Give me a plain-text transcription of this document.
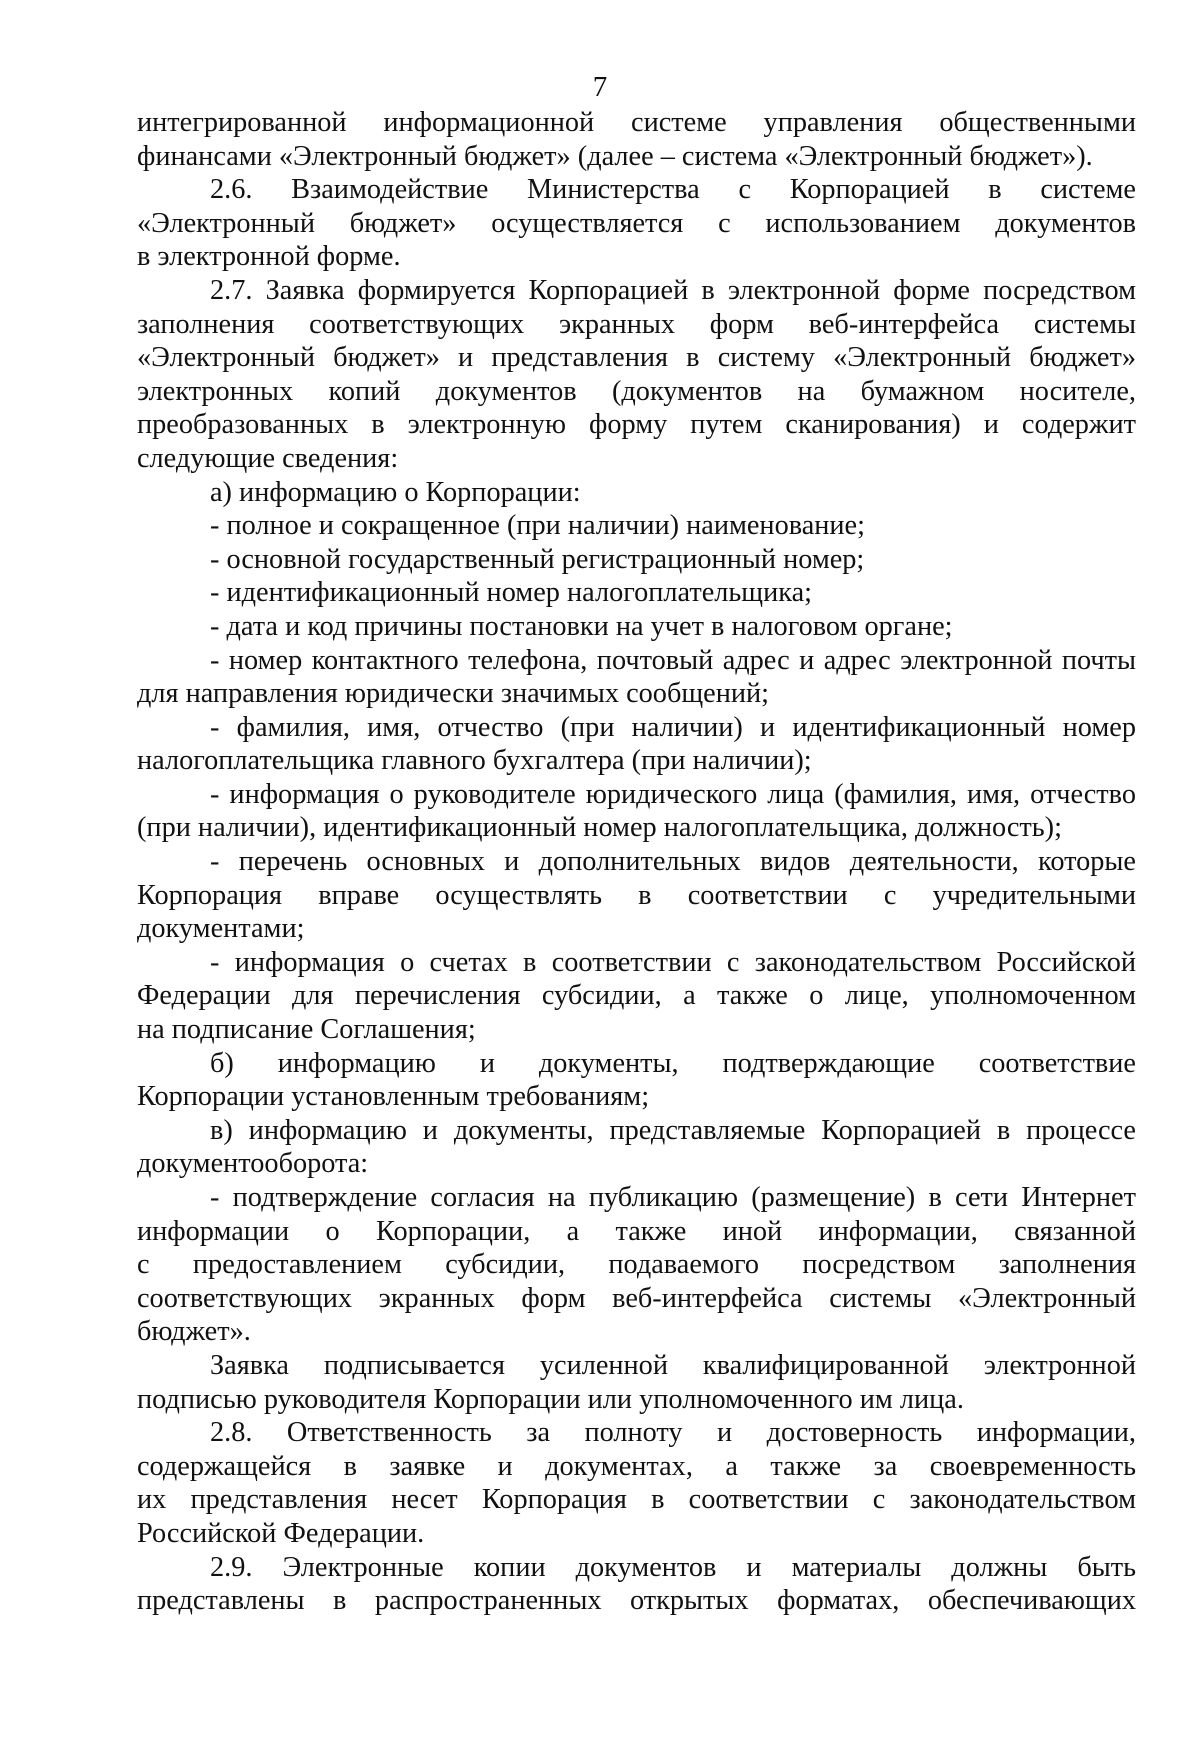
7

интегрированной информационной системе управления общественными

финансами «Электронный бюджет» (далее – система «Электронный бюджет»).

2.6. Взаимодействие Министерства с Корпорацией в системе

«Электронный бюджет» осуществляется с использованием документов

в электронной форме.

2.7. Заявка формируется Корпорацией в электронной форме посредством

заполнения соответствующих экранных форм веб-интерфейса системы

«Электронный бюджет» и представления в систему «Электронный бюджет»

электронных копий документов (документов на бумажном носителе,

преобразованных в электронную форму путем сканирования) и содержит

следующие сведения:

а) информацию о Корпорации:

- полное и сокращенное (при наличии) наименование;

- основной государственный регистрационный номер;

- идентификационный номер налогоплательщика;

- дата и код причины постановки на учет в налоговом органе;

- номер контактного телефона, почтовый адрес и адрес электронной почты

для направления юридически значимых сообщений;

- фамилия, имя, отчество (при наличии) и идентификационный номер

налогоплательщика главного бухгалтера (при наличии);

- информация о руководителе юридического лица (фамилия, имя, отчество

(при наличии), идентификационный номер налогоплательщика, должность);

- перечень основных и дополнительных видов деятельности, которые

Корпорация вправе осуществлять в соответствии с учредительными

документами;

- информация о счетах в соответствии с законодательством Российской

Федерации для перечисления субсидии, а также о лице, уполномоченном

на подписание Соглашения;

б) информацию и документы, подтверждающие соответствие

Корпорации установленным требованиям;

в) информацию и документы, представляемые Корпорацией в процессе

документооборота:

- подтверждение согласия на публикацию (размещение) в сети Интернет

информации о Корпорации, а также иной информации, связанной

с предоставлением субсидии, подаваемого посредством заполнения

соответствующих экранных форм веб-интерфейса системы «Электронный

бюджет».

Заявка подписывается усиленной квалифицированной электронной

подписью руководителя Корпорации или уполномоченного им лица.

2.8. Ответственность за полноту и достоверность информации,

содержащейся в заявке и документах, а также за своевременность

их представления несет Корпорация в соответствии с законодательством

Российской Федерации.

2.9. Электронные копии документов и материалы должны быть

представлены в распространенных открытых форматах, обеспечивающих
